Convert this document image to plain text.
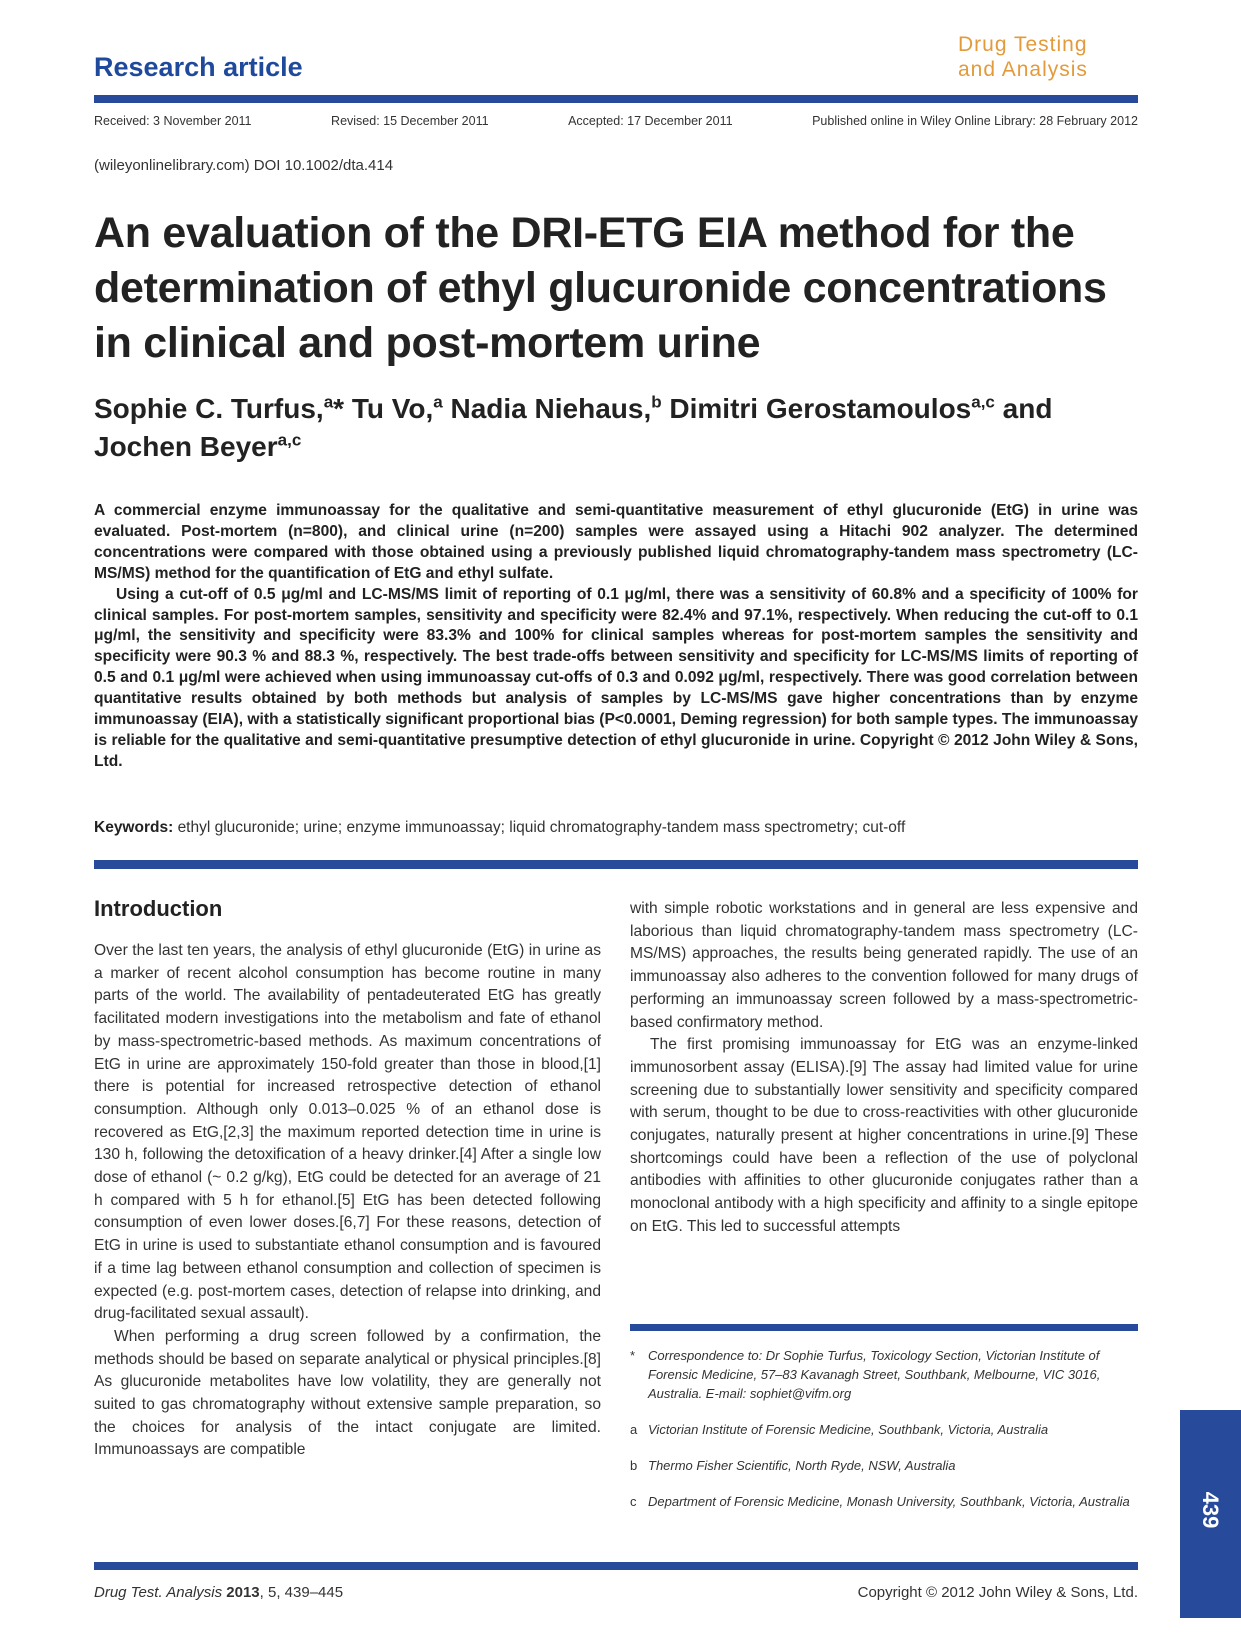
Research article
Drug Testing
and Analysis
Received: 3 November 2011	Revised: 15 December 2011	Accepted: 17 December 2011	Published online in Wiley Online Library: 28 February 2012
(wileyonlinelibrary.com) DOI 10.1002/dta.414
An evaluation of the DRI-ETG EIA method for the determination of ethyl glucuronide concentrations in clinical and post-mortem urine
Sophie C. Turfus,$^a$* Tu Vo,$^a$ Nadia Niehaus,$^b$ Dimitri Gerostamoulos$^{a,c}$ and
Jochen Beyer$^{a,c}$

A commercial enzyme immunoassay for the qualitative and semi-quantitative measurement of ethyl glucuronide (EtG) in urine was evaluated. Post-mortem (n=800), and clinical urine (n=200) samples were assayed using a Hitachi 902 analyzer. The determined concentrations were compared with those obtained using a previously published liquid chromatography-tandem mass spectrometry (LC-MS/MS) method for the quantification of EtG and ethyl sulfate.

Using a cut-off of 0.5 μg/ml and LC-MS/MS limit of reporting of 0.1 μg/ml, there was a sensitivity of 60.8% and a specificity of 100% for clinical samples. For post-mortem samples, sensitivity and specificity were 82.4% and 97.1%, respectively. When reducing the cut-off to 0.1 μg/ml, the sensitivity and specificity were 83.3% and 100% for clinical samples whereas for post-mortem samples the sensitivity and specificity were 90.3 % and 88.3 %, respectively. The best trade-offs between sensitivity and specificity for LC-MS/MS limits of reporting of 0.5 and 0.1 μg/ml were achieved when using immunoassay cut-offs of 0.3 and 0.092 μg/ml, respectively. There was good correlation between quantitative results obtained by both methods but analysis of samples by LC-MS/MS gave higher concentrations than by enzyme immunoassay (EIA), with a statistically significant proportional bias (P<0.0001, Deming regression) for both sample types. The immunoassay is reliable for the qualitative and semi-quantitative presumptive detection of ethyl glucuronide in urine. Copyright © 2012 John Wiley & Sons, Ltd.

Keywords: ethyl glucuronide; urine; enzyme immunoassay; liquid chromatography-tandem mass spectrometry; cut-off
Introduction

Over the last ten years, the analysis of ethyl glucuronide (EtG) in urine as a marker of recent alcohol consumption has become routine in many parts of the world. The availability of pentadeuterated EtG has greatly facilitated modern investigations into the metabolism and fate of ethanol by mass-spectrometric-based methods. As maximum concentrations of EtG in urine are approximately 150-fold greater than those in blood,[1] there is potential for increased retrospective detection of ethanol consumption. Although only 0.013–0.025 % of an ethanol dose is recovered as EtG,[2,3] the maximum reported detection time in urine is 130 h, following the detoxification of a heavy drinker.[4] After a single low dose of ethanol (~ 0.2 g/kg), EtG could be detected for an average of 21 h compared with 5 h for ethanol.[5] EtG has been detected following consumption of even lower doses.[6,7] For these reasons, detection of EtG in urine is used to substantiate ethanol consumption and is favoured if a time lag between ethanol consumption and collection of specimen is expected (e.g. post-mortem cases, detection of relapse into drinking, and drug-facilitated sexual assault).

When performing a drug screen followed by a confirmation, the methods should be based on separate analytical or physical principles.[8] As glucuronide metabolites have low volatility, they are generally not suited to gas chromatography without extensive sample preparation, so the choices for analysis of the intact conjugate are limited. Immunoassays are compatible

with simple robotic workstations and in general are less expensive and laborious than liquid chromatography-tandem mass spectrometry (LC-MS/MS) approaches, the results being generated rapidly. The use of an immunoassay also adheres to the convention followed for many drugs of performing an immunoassay screen followed by a mass-spectrometric-based confirmatory method.

The first promising immunoassay for EtG was an enzyme-linked immunosorbent assay (ELISA).[9] The assay had limited value for urine screening due to substantially lower sensitivity and specificity compared with serum, thought to be due to cross-reactivities with other glucuronide conjugates, naturally present at higher concentrations in urine.[9] These shortcomings could have been a reflection of the use of polyclonal antibodies with affinities to other glucuronide conjugates rather than a monoclonal antibody with a high specificity and affinity to a single epitope on EtG. This led to successful attempts

* Correspondence to: Dr Sophie Turfus, Toxicology Section, Victorian Institute of Forensic Medicine, 57–83 Kavanagh Street, Southbank, Melbourne, VIC 3016, Australia. E-mail: sophiet@vifm.org
a Victorian Institute of Forensic Medicine, Southbank, Victoria, Australia
b Thermo Fisher Scientific, North Ryde, NSW, Australia
c Department of Forensic Medicine, Monash University, Southbank, Victoria, Australia	439
Drug Test. Analysis 2013, 5, 439–445	Copyright © 2012 John Wiley & Sons, Ltd.
